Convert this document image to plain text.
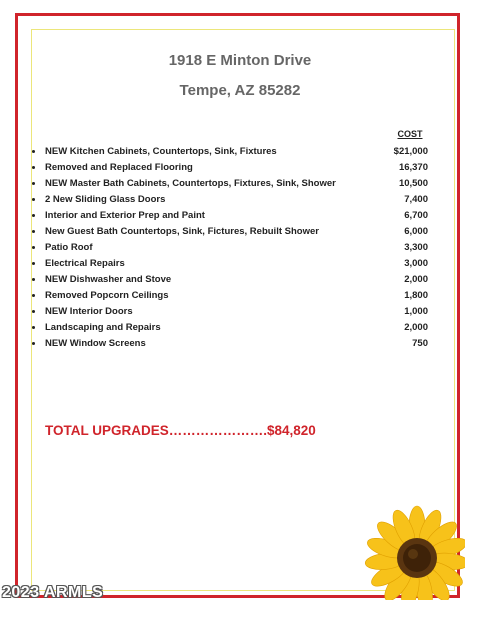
1918 E Minton Drive
Tempe, AZ 85282
COST
NEW Kitchen Cabinets, Countertops, Sink, Fixtures	$21,000
Removed and Replaced Flooring	16,370
NEW Master Bath Cabinets, Countertops, Fixtures, Sink, Shower	10,500
2 New Sliding Glass Doors	7,400
Interior and Exterior Prep and Paint	6,700
New Guest Bath Countertops, Sink, Fictures, Rebuilt Shower	6,000
Patio Roof	3,300
Electrical Repairs	3,000
NEW Dishwasher and Stove	2,000
Removed Popcorn Ceilings	1,800
NEW Interior Doors	1,000
Landscaping and Repairs	2,000
NEW Window Screens	750
TOTAL UPGRADES………………….$84,820
2023 ARMLS
